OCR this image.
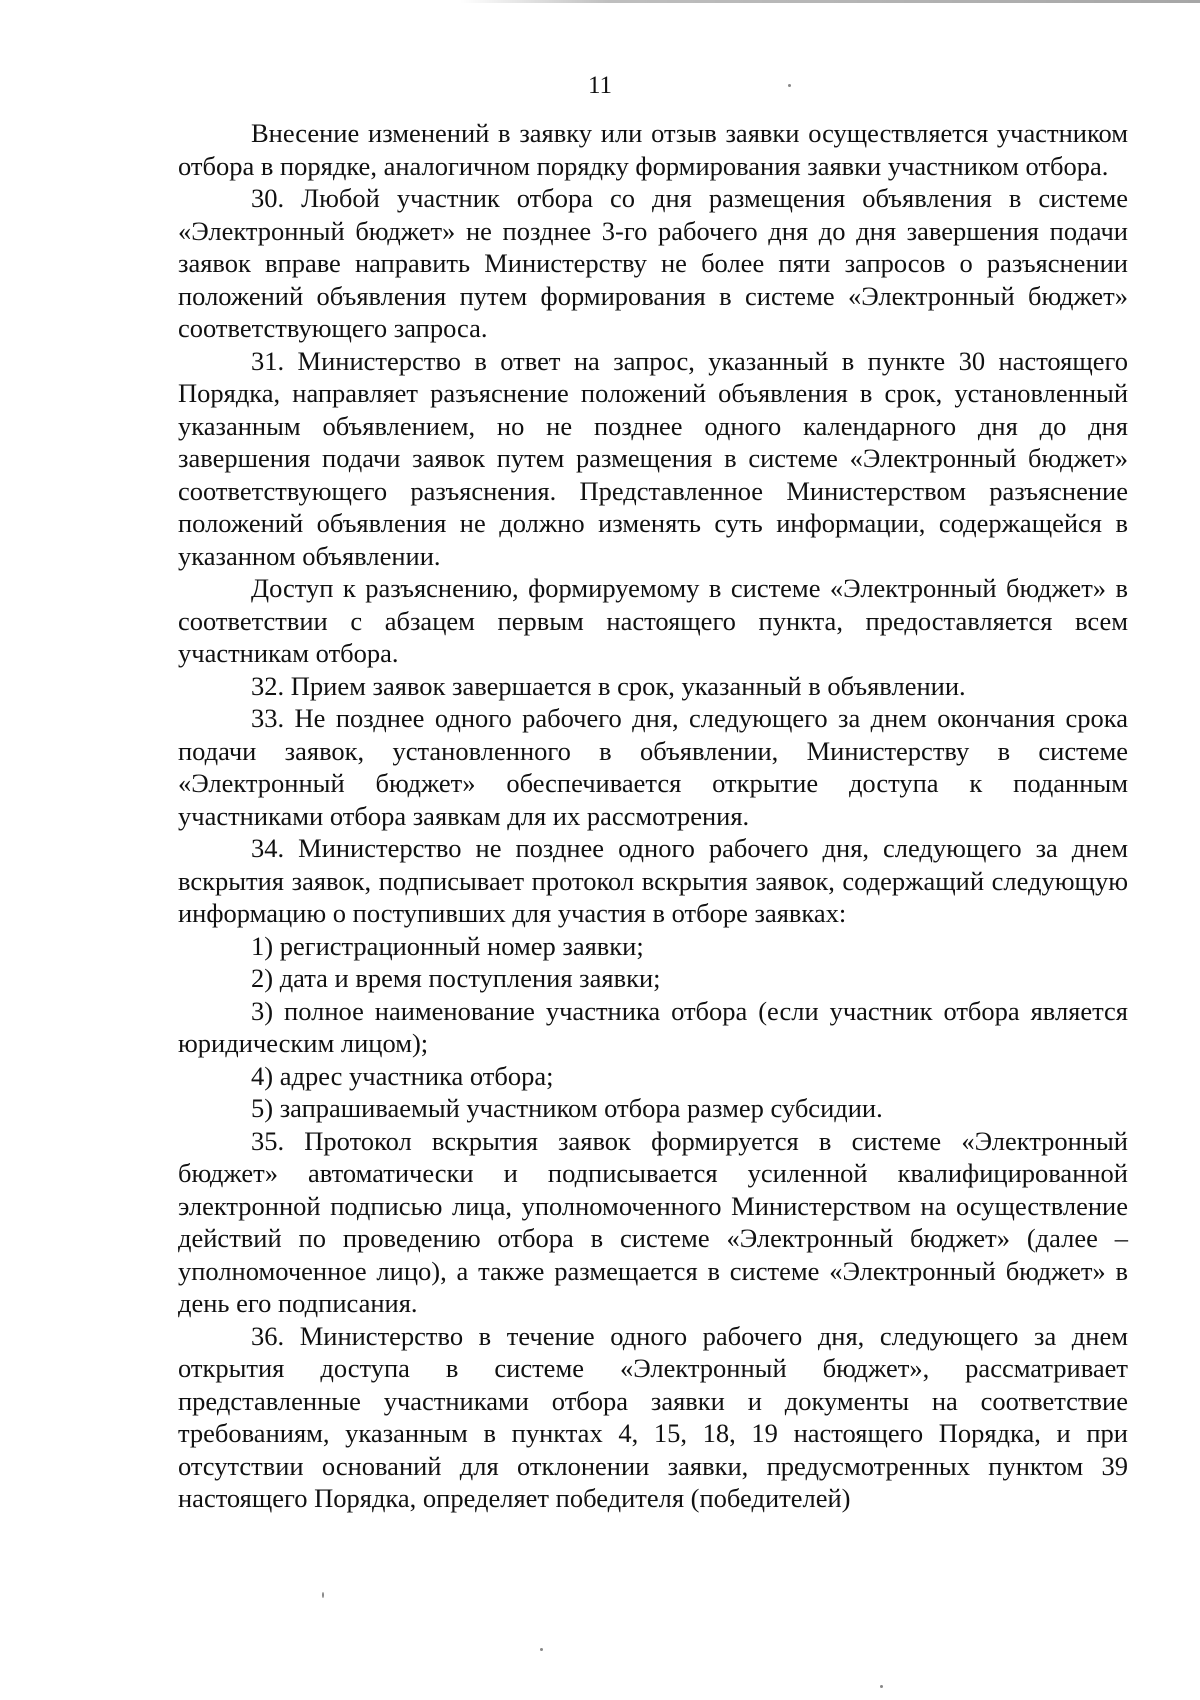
11

Внесение изменений в заявку или отзыв заявки осуществляется участником отбора в порядке, аналогичном порядку формирования заявки участником отбора.

30. Любой участник отбора со дня размещения объявления в системе «Электронный бюджет» не позднее 3-го рабочего дня до дня завершения подачи заявок вправе направить Министерству не более пяти запросов о разъяснении положений объявления путем формирования в системе «Электронный бюджет» соответствующего запроса.

31. Министерство в ответ на запрос, указанный в пункте 30 настоящего Порядка, направляет разъяснение положений объявления в срок, установленный указанным объявлением, но не позднее одного календарного дня до дня завершения подачи заявок путем размещения в системе «Электронный бюджет» соответствующего разъяснения. Представленное Министерством разъяснение положений объявления не должно изменять суть информации, содержащейся в указанном объявлении.

Доступ к разъяснению, формируемому в системе «Электронный бюджет» в соответствии с абзацем первым настоящего пункта, предоставляется всем участникам отбора.

32. Прием заявок завершается в срок, указанный в объявлении.

33. Не позднее одного рабочего дня, следующего за днем окончания срока подачи заявок, установленного в объявлении, Министерству в системе «Электронный бюджет» обеспечивается открытие доступа к поданным участниками отбора заявкам для их рассмотрения.

34. Министерство не позднее одного рабочего дня, следующего за днем вскрытия заявок, подписывает протокол вскрытия заявок, содержащий следующую информацию о поступивших для участия в отборе заявках:

1) регистрационный номер заявки;

2) дата и время поступления заявки;

3) полное наименование участника отбора (если участник отбора является юридическим лицом);

4) адрес участника отбора;

5) запрашиваемый участником отбора размер субсидии.

35. Протокол вскрытия заявок формируется в системе «Электронный бюджет» автоматически и подписывается усиленной квалифицированной электронной подписью лица, уполномоченного Министерством на осуществление действий по проведению отбора в системе «Электронный бюджет» (далее – уполномоченное лицо), а также размещается в системе «Электронный бюджет» в день его подписания.

36. Министерство в течение одного рабочего дня, следующего за днем открытия доступа в системе «Электронный бюджет», рассматривает представленные участниками отбора заявки и документы на соответствие требованиям, указанным в пунктах 4, 15, 18, 19 настоящего Порядка, и при отсутствии оснований для отклонении заявки, предусмотренных пунктом 39 настоящего Порядка, определяет победителя (победителей)
